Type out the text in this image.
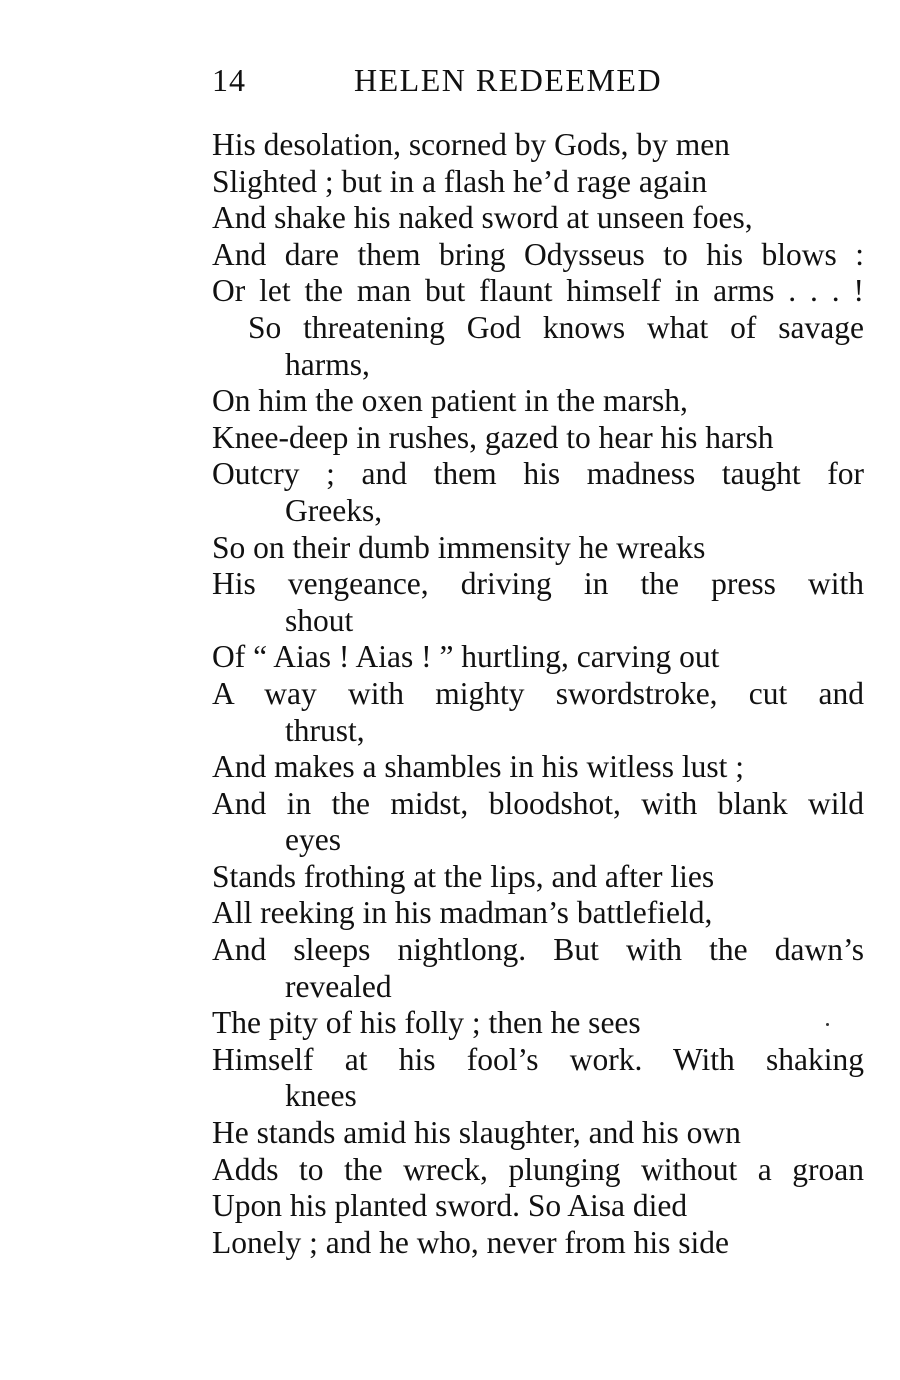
14	HELEN REDEEMED
His desolation, scorned by Gods, by men
Slighted ; but in a flash he’d rage again
And shake his naked sword at unseen foes,
And dare them bring Odysseus to his blows :
Or let the man but flaunt himself in arms . . . !
So threatening God knows what of savage
harms,
On him the oxen patient in the marsh,
Knee-deep in rushes, gazed to hear his harsh
Outcry ; and them his madness taught for
Greeks,
So on their dumb immensity he wreaks
His vengeance, driving in the press with
shout
Of “ Aias ! Aias ! ” hurtling, carving out
A way with mighty swordstroke, cut and
thrust,
And makes a shambles in his witless lust ;
And in the midst, bloodshot, with blank wild
eyes
Stands frothing at the lips, and after lies
All reeking in his madman’s battlefield,
And sleeps nightlong. But with the dawn’s
revealed
The pity of his folly ; then he sees
Himself at his fool’s work. With shaking
knees
He stands amid his slaughter, and his own
Adds to the wreck, plunging without a groan
Upon his planted sword. So Aisa died
Lonely ; and he who, never from his side
